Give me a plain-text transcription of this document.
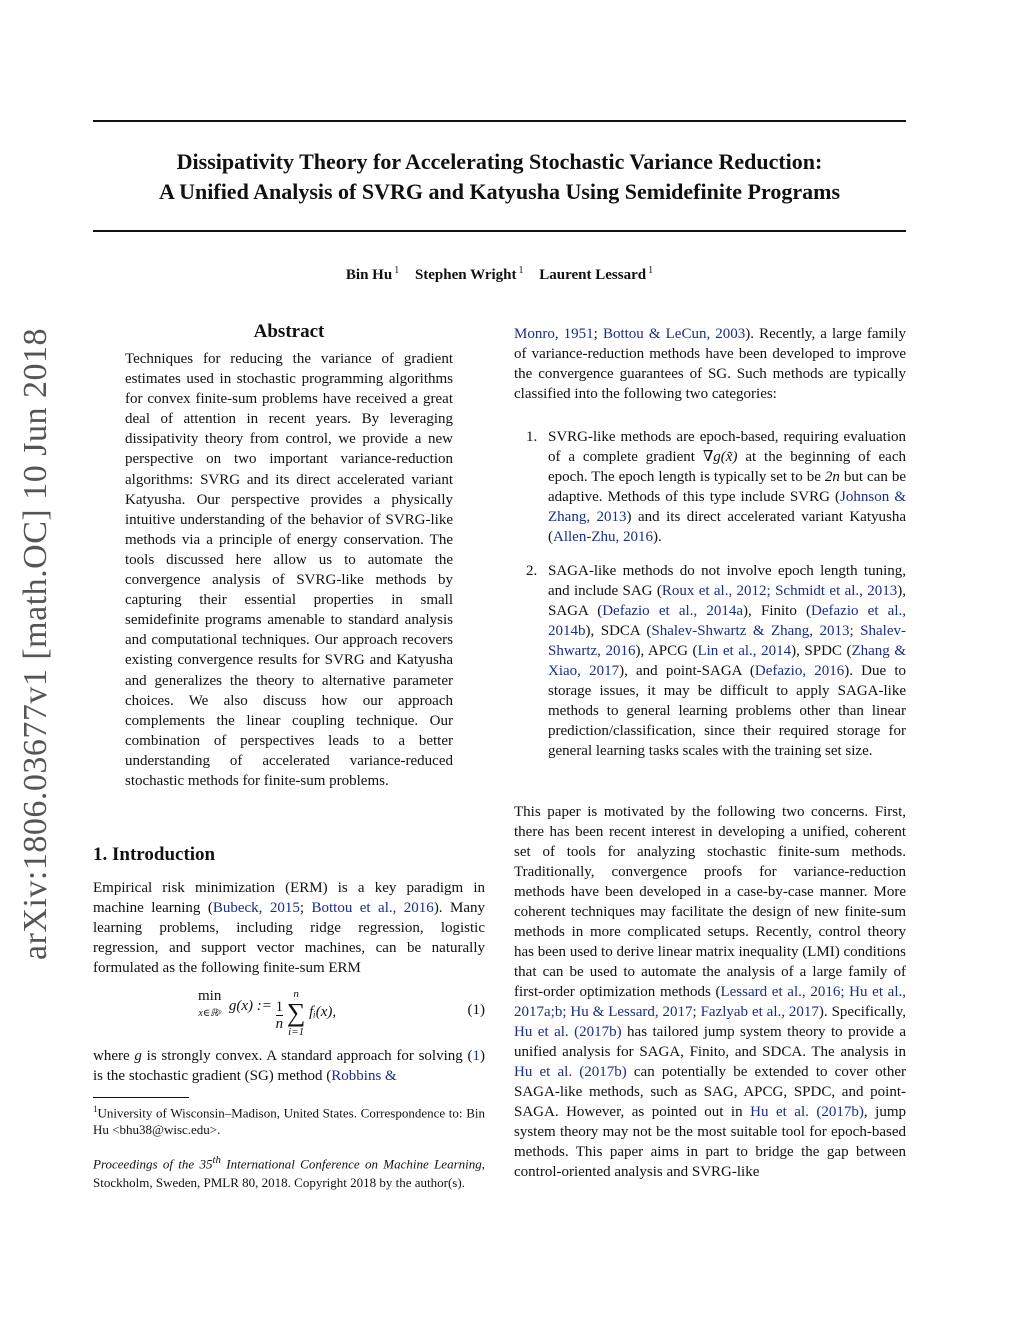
Dissipativity Theory for Accelerating Stochastic Variance Reduction:
A Unified Analysis of SVRG and Katyusha Using Semidefinite Programs
Bin Hu $^1$ Stephen Wright $^1$ Laurent Lessard $^1$
arXiv:1806.03677v1 [math.OC] 10 Jun 2018	Abstract
Techniques for reducing the variance of gradient estimates used in stochastic programming algorithms for convex finite-sum problems have received a great deal of attention in recent years. By leveraging dissipativity theory from control, we provide a new perspective on two important variance-reduction algorithms: SVRG and its direct accelerated variant Katyusha. Our perspective provides a physically intuitive understanding of the behavior of SVRG-like methods via a principle of energy conservation. The tools discussed here allow us to automate the convergence analysis of SVRG-like methods by capturing their essential properties in small semidefinite programs amenable to standard analysis and computational techniques. Our approach recovers existing convergence results for SVRG and Katyusha and generalizes the theory to alternative parameter choices. We also discuss how our approach complements the linear coupling technique. Our combination of perspectives leads to a better understanding of accelerated variance-reduced stochastic methods for finite-sum problems.
1. Introduction
Empirical risk minimization (ERM) is a key paradigm in machine learning (Bubeck, 2015; Bottou et al., 2016). Many learning problems, including ridge regression, logistic regression, and support vector machines, can be naturally formulated as the following finite-sum ERM
min
x∈ℝᵖ g(x) := $\frac{1}{n}$
n
∑
i=1 fᵢ(x),	(1)
where g is strongly convex. A standard approach for solving (1) is the stochastic gradient (SG) method (Robbins &
$^1$University of Wisconsin–Madison, United States. Correspondence to: Bin Hu <bhu38@wisc.edu>.
Proceedings of the 35th International Conference on Machine Learning, Stockholm, Sweden, PMLR 80, 2018. Copyright 2018 by the author(s).
Monro, 1951; Bottou & LeCun, 2003). Recently, a large family of variance-reduction methods have been developed to improve the convergence guarantees of SG. Such methods are typically classified into the following two categories:
1. SVRG-like methods are epoch-based, requiring evaluation of a complete gradient ∇g(x̃) at the beginning of each epoch. The epoch length is typically set to be 2n but can be adaptive. Methods of this type include SVRG (Johnson & Zhang, 2013) and its direct accelerated variant Katyusha (Allen-Zhu, 2016).
2. SAGA-like methods do not involve epoch length tuning, and include SAG (Roux et al., 2012; Schmidt et al., 2013), SAGA (Defazio et al., 2014a), Finito (Defazio et al., 2014b), SDCA (Shalev-Shwartz & Zhang, 2013; Shalev-Shwartz, 2016), APCG (Lin et al., 2014), SPDC (Zhang & Xiao, 2017), and point-SAGA (Defazio, 2016). Due to storage issues, it may be difficult to apply SAGA-like methods to general learning problems other than linear prediction/classification, since their required storage for general learning tasks scales with the training set size.
This paper is motivated by the following two concerns. First, there has been recent interest in developing a unified, coherent set of tools for analyzing stochastic finite-sum methods. Traditionally, convergence proofs for variance-reduction methods have been developed in a case-by-case manner. More coherent techniques may facilitate the design of new finite-sum methods in more complicated setups. Recently, control theory has been used to derive linear matrix inequality (LMI) conditions that can be used to automate the analysis of a large family of first-order optimization methods (Lessard et al., 2016; Hu et al., 2017a;b; Hu & Lessard, 2017; Fazlyab et al., 2017). Specifically, Hu et al. (2017b) has tailored jump system theory to provide a unified analysis for SAGA, Finito, and SDCA. The analysis in Hu et al. (2017b) can potentially be extended to cover other SAGA-like methods, such as SAG, APCG, SPDC, and point-SAGA. However, as pointed out in Hu et al. (2017b), jump system theory may not be the most suitable tool for epoch-based methods. This paper aims in part to bridge the gap between control-oriented analysis and SVRG-like
